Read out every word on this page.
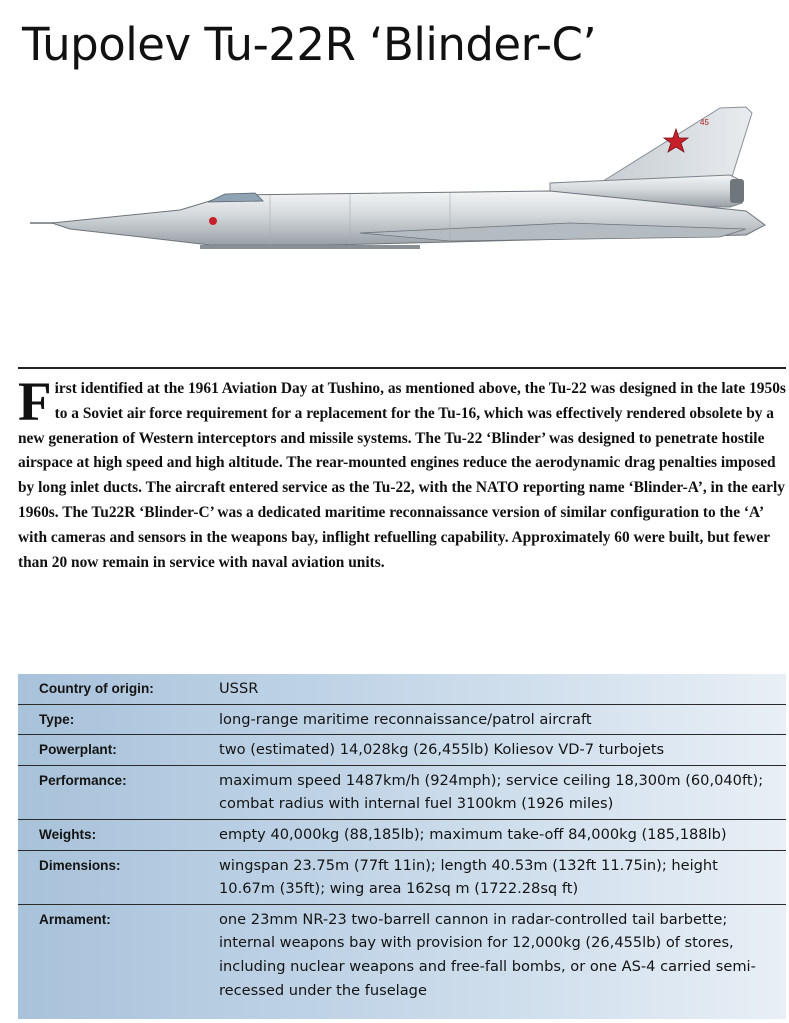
Tupolev Tu-22R ‘Blinder-C’
45

First identified at the 1961 Aviation Day at Tushino, as mentioned above, the Tu-22 was designed in the late 1950s to a Soviet air force requirement for a replacement for the Tu-16, which was effectively rendered obsolete by a new generation of Western interceptors and missile systems. The Tu-22 ‘Blinder’ was designed to penetrate hostile airspace at high speed and high altitude. The rear-mounted engines reduce the aerodynamic drag penalties imposed by long inlet ducts. The aircraft entered service as the Tu-22, with the NATO reporting name ‘Blinder-A’, in the early 1960s. The Tu22R ‘Blinder-C’ was a dedicated maritime reconnaissance version of similar configuration to the ‘A’ with cameras and sensors in the weapons bay, inflight refuelling capability. Approximately 60 were built, but fewer than 20 now remain in service with naval aviation units.

Country of origin:	USSR
Type:	long-range maritime reconnaissance/patrol aircraft
Powerplant:	two (estimated) 14,028kg (26,455lb) Koliesov VD-7 turbojets
Performance:	maximum speed 1487km/h (924mph); service ceiling 18,300m (60,040ft); combat radius with internal fuel 3100km (1926 miles)
Weights:	empty 40,000kg (88,185lb); maximum take-off 84,000kg (185,188lb)
Dimensions:	wingspan 23.75m (77ft 11in); length 40.53m (132ft 11.75in); height 10.67m (35ft); wing area 162sq m (1722.28sq ft)
Armament:	one 23mm NR-23 two-barrell cannon in radar-controlled tail barbette; internal weapons bay with provision for 12,000kg (26,455lb) of stores, including nuclear weapons and free-fall bombs, or one AS-4 carried semi-recessed under the fuselage
